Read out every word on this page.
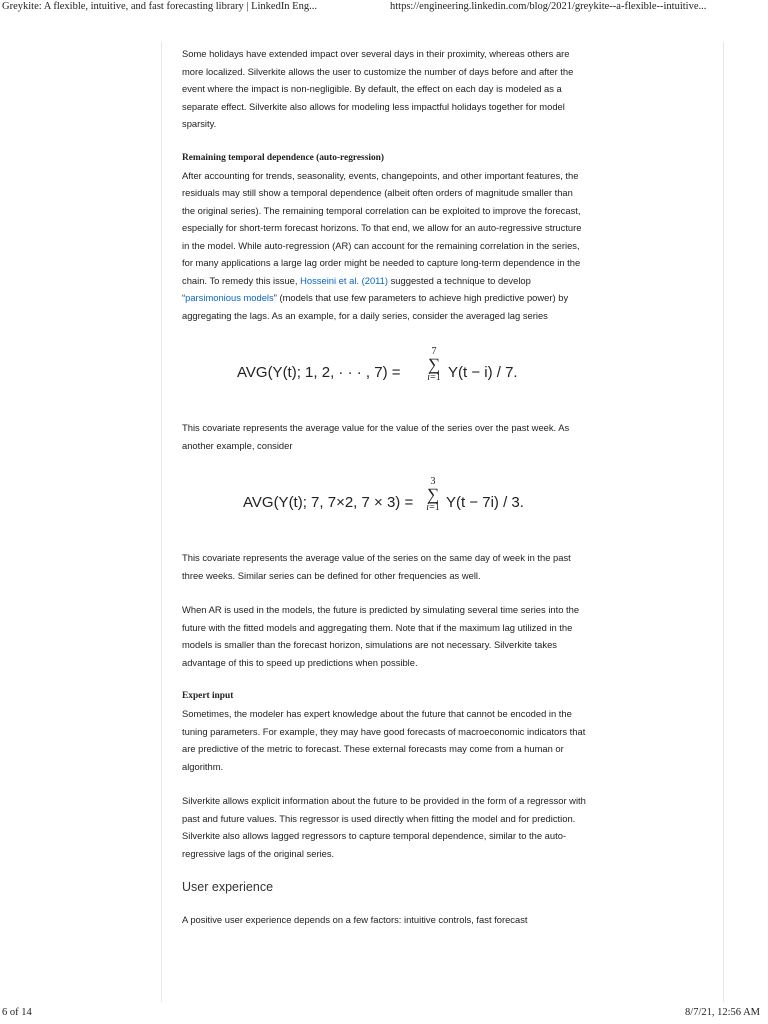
Greykite: A flexible, intuitive, and fast forecasting library | LinkedIn Eng...	https://engineering.linkedin.com/blog/2021/greykite--a-flexible--intuitive...

Some holidays have extended impact over several days in their proximity, whereas others are more localized. Silverkite allows the user to customize the number of days before and after the event where the impact is non-negligible. By default, the effect on each day is modeled as a separate effect. Silverkite also allows for modeling less impactful holidays together for model sparsity.

Remaining temporal dependence (auto-regression)

After accounting for trends, seasonality, events, changepoints, and other important features, the residuals may still show a temporal dependence (albeit often orders of magnitude smaller than the original series). The remaining temporal correlation can be exploited to improve the forecast, especially for short-term forecast horizons. To that end, we allow for an auto-regressive structure in the model. While auto-regression (AR) can account for the remaining correlation in the series, for many applications a large lag order might be needed to capture long-term dependence in the chain. To remedy this issue, Hosseini et al. (2011) suggested a technique to develop “parsimonious models” (models that use few parameters to achieve high predictive power) by aggregating the lags. As an example, for a daily series, consider the averaged lag series

AVG(Y(t); 1, 2, · · · , 7) =
7
∑
i=1 Y(t − i) / 7.

This covariate represents the average value for the value of the series over the past week. As another example, consider

AVG(Y(t); 7, 7×2, 7 × 3) =
3
∑
i=1 Y(t − 7i) / 3.

This covariate represents the average value of the series on the same day of week in the past three weeks. Similar series can be defined for other frequencies as well.

When AR is used in the models, the future is predicted by simulating several time series into the future with the fitted models and aggregating them. Note that if the maximum lag utilized in the models is smaller than the forecast horizon, simulations are not necessary. Silverkite takes advantage of this to speed up predictions when possible.

Expert input

Sometimes, the modeler has expert knowledge about the future that cannot be encoded in the tuning parameters. For example, they may have good forecasts of macroeconomic indicators that are predictive of the metric to forecast. These external forecasts may come from a human or algorithm.

Silverkite allows explicit information about the future to be provided in the form of a regressor with past and future values. This regressor is used directly when fitting the model and for prediction. Silverkite also allows lagged regressors to capture temporal dependence, similar to the auto-regressive lags of the original series.

User experience

A positive user experience depends on a few factors: intuitive controls, fast forecast

6 of 14	8/7/21, 12:56 AM
